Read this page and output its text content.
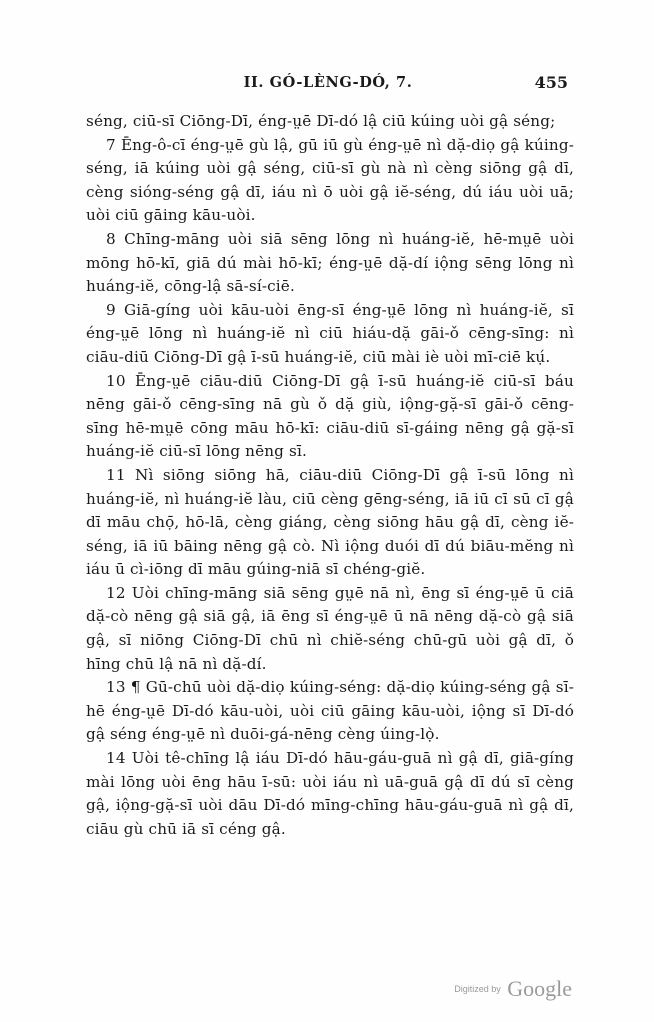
II. GÓ-LÈNG-DÓ, 7.	455

séng, ciū-sī Ciōng-Dī, éng-ṳē Dī-dó lậ ciū kúing uòi gậ séng;

7 Ēng-ô-cī éng-ṳē gù lậ, gū iū gù éng-ṳē nì dặ-diọ gậ kúing-séng, iā kúing uòi gậ séng, ciū-sī gù nà nì cèng siōng gậ dī, cèng sióng-séng gậ dī, iáu nì ō uòi gậ iĕ-séng, dú iáu uòi uā; uòi ciū gāing kāu-uòi.

8 Chīng-māng uòi siā sēng lōng nì huáng-iĕ, hē-mṳē uòi mōng hō-kī, giā dú mài hō-kī; éng-ṳē dặ-dí iộng sēng lōng nì huáng-iĕ, cōng-lậ sā-sí-ciē.

9 Giā-gíng uòi kāu-uòi ēng-sī éng-ṳē lōng nì huáng-iĕ, sī éng-ṳē lōng nì huáng-iĕ nì ciū hiáu-dặ gāi-ǒ cēng-sīng: nì ciāu-diū Ciōng-Dī gậ ī-sū huáng-iĕ, ciū mài iè uòi mī-ciē kụ́.

10 Ēng-ṳē ciāu-diū Ciōng-Dī gậ ī-sū huáng-iĕ ciū-sī báu nēng gāi-ǒ cēng-sīng nā gù ǒ dặ giù, iộng-gặ-sī gāi-ǒ cēng-sīng hē-mṳē cōng māu hō-kī: ciāu-diū sī-gáing nēng gậ gặ-sī huáng-iĕ ciū-sī lōng nēng sī.

11 Nì siōng siōng hā, ciāu-diū Ciōng-Dī gậ ī-sū lōng nì huáng-iĕ, nì huáng-iĕ làu, ciū cèng gēng-séng, iā iū cī sū cī gậ dī māu chọ̄, hō-lā, cèng giáng, cèng siōng hāu gậ dī, cèng iĕ-séng, iā iū bāing nēng gậ cò. Nì iộng duói dī dú biāu-mĕng nì iáu ū cì-iōng dī māu gúing-niā sī chéng-giĕ.

12 Uòi chīng-māng siā sēng gṳē nā nì, ēng sī éng-ṳē ū ciā dặ-cò nēng gậ siā gậ, iā ēng sī éng-ṳē ū nā nēng dặ-cò gậ siā gậ, sī niōng Ciōng-Dī chū nì chiĕ-séng chū-gū uòi gậ dī, ǒ hīng chū lậ nā nì dặ-dí.

13 ¶ Gū-chū uòi dặ-diọ kúing-séng: dặ-diọ kúing-séng gậ sī-hē éng-ṳē Dī-dó kāu-uòi, uòi ciū gāing kāu-uòi, iộng sī Dī-dó gậ séng éng-ṳē nì duōi-gá-nēng cèng úing-lọ̀.

14 Uòi tê-chīng lậ iáu Dī-dó hāu-gáu-guā nì gậ dī, giā-gíng mài lōng uòi ēng hāu ī-sū: uòi iáu nì uā-guā gậ dī dú sī cèng gậ, iộng-gặ-sī uòi dāu Dī-dó mīng-chīng hāu-gáu-guā nì gậ dī, ciāu gù chū iā sī céng gậ.

Digitized by Google
